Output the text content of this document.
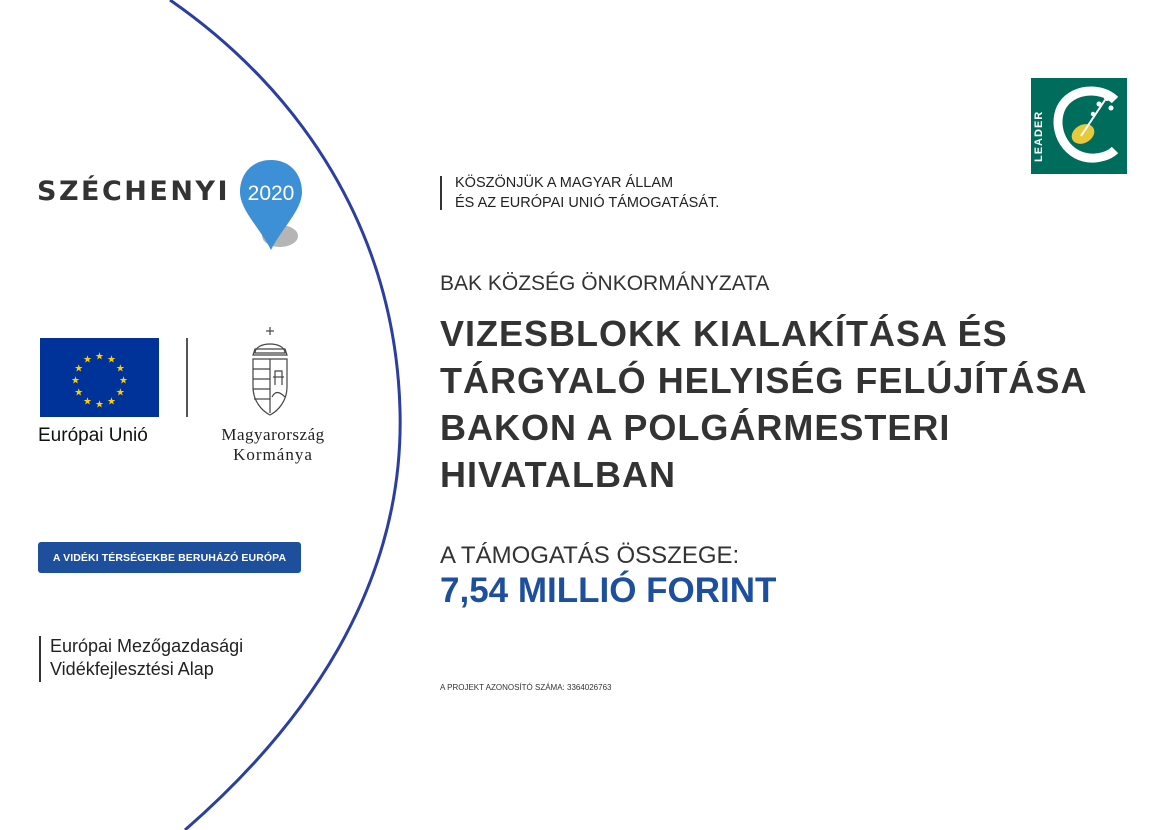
SZÉCHENYI 2020
★ ★
★
★
★
★
★
★
★
★
★
★
Európai Unió	Magyarország
Kormánya
A VIDÉKI TÉRSÉGEKBE BERUHÁZÓ EURÓPA
Európai Mezőgazdasági
Vidékfejlesztési Alap
KÖSZÖNJÜK A MAGYAR ÁLLAM
ÉS AZ EURÓPAI UNIÓ TÁMOGATÁSÁT.
BAK KÖZSÉG ÖNKORMÁNYZATA
VIZESBLOKK KIALAKÍTÁSA ÉS
TÁRGYALÓ HELYISÉG FELÚJÍTÁSA
BAKON A POLGÁRMESTERI
HIVATALBAN
A TÁMOGATÁS ÖSSZEGE:
7,54 MILLIÓ FORINT
A PROJEKT AZONOSÍTÓ SZÁMA: 3364026763
LEADER
